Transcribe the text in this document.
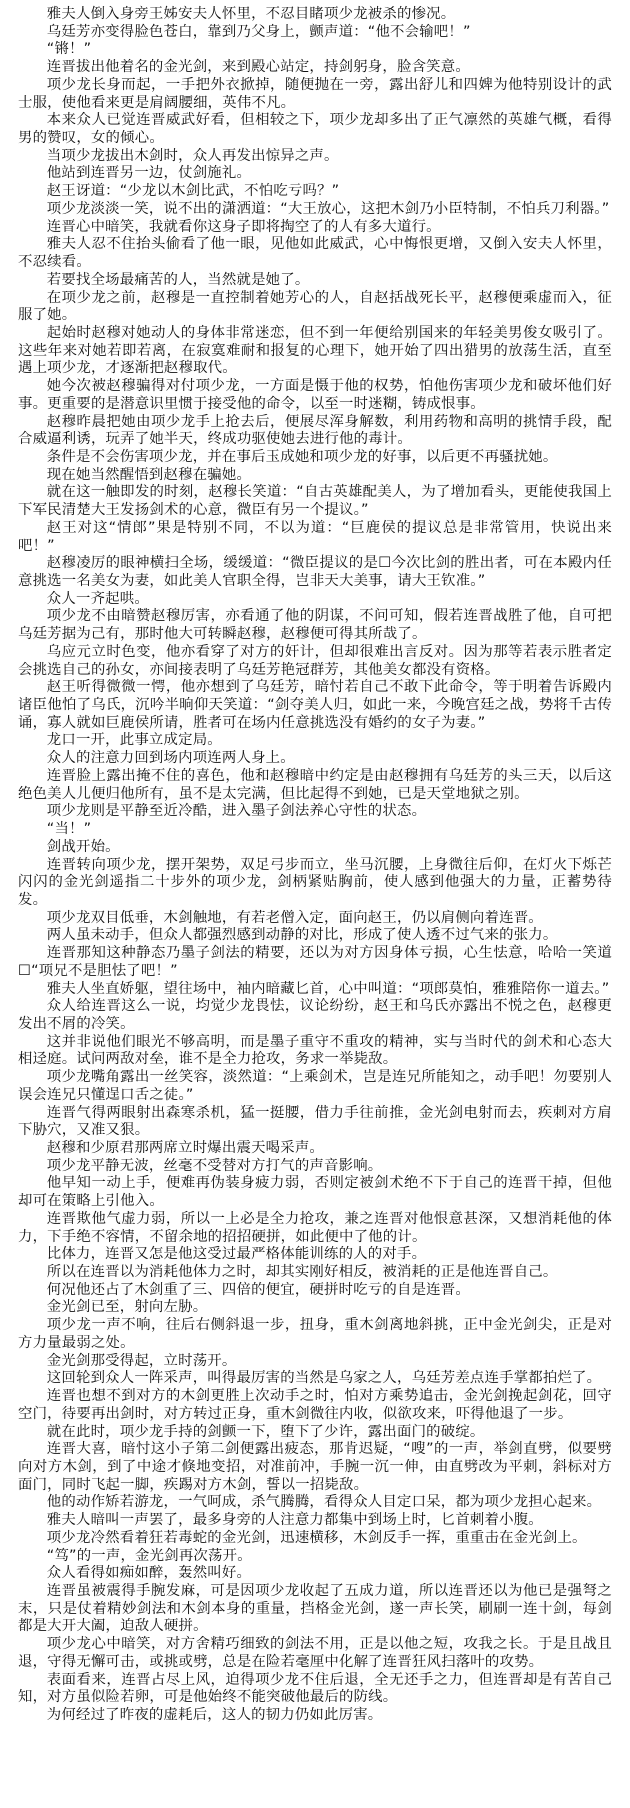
雅夫人倒入身旁王姊安夫人怀里，不忍目睹项少龙被杀的惨况。

乌廷芳亦变得脸色苍白，靠到乃父身上，颤声道：“他不会输吧！”

“锵！”

连晋拔出他着名的金光剑，来到殿心站定，持剑躬身，脸含笑意。

项少龙长身而起，一手把外衣掀掉，随便抛在一旁，露出舒儿和四婢为他特别设计的武士服，使他看来更是肩阔腰细，英伟不凡。

本来众人已觉连晋威武好看，但相较之下，项少龙却多出了正气凛然的英雄气概，看得男的赞叹，女的倾心。

当项少龙拔出木剑时，众人再发出惊异之声。

他站到连晋另一边，仗剑施礼。

赵王讶道：“少龙以木剑比武，不怕吃亏吗？”

项少龙淡淡一笑，说不出的潇洒道：“大王放心，这把木剑乃小臣特制，不怕兵刀利器。”

连晋心中暗笑，我就看你这身子即将掏空了的人有多大道行。

雅夫人忍不住抬头偷看了他一眼，见他如此威武，心中悔恨更增，又倒入安夫人怀里，不忍续看。

若要找全场最痛苦的人，当然就是她了。

在项少龙之前，赵穆是一直控制着她芳心的人，自赵括战死长平，赵穆便乘虚而入，征服了她。

起始时赵穆对她动人的身体非常迷恋，但不到一年便给别国来的年轻美男俊女吸引了。这些年来对她若即若离，在寂寞难耐和报复的心理下，她开始了四出猎男的放荡生活，直至遇上项少龙，才逐渐把赵穆取代。

她今次被赵穆骗得对付项少龙，一方面是慑于他的权势，怕他伤害项少龙和破坏他们好事。更重要的是潜意识里惯于接受他的命令，以至一时迷糊，铸成恨事。

赵穆昨晨把她由项少龙手上抢去后，便展尽浑身解数，利用药物和高明的挑情手段，配合威逼利诱，玩弄了她半天，终成功驱使她去进行他的毒计。

条件是不会伤害项少龙，并在事后玉成她和项少龙的好事，以后更不再骚扰她。

现在她当然醒悟到赵穆在骗她。

就在这一触即发的时刻，赵穆长笑道：“自古英雄配美人，为了增加看头，更能使我国上下军民清楚大王发扬剑术的心意，微臣有另一个提议。”

赵王对这“情郎”果是特别不同，不以为道：“巨鹿侯的提议总是非常管用，快说出来吧！”

赵穆凌厉的眼神横扫全场，缓缓道：“微臣提议的是☐今次比剑的胜出者，可在本殿内任意挑选一名美女为妻，如此美人官职全得，岂非天大美事，请大王钦准。”

众人一齐起哄。

项少龙不由暗赞赵穆厉害，亦看通了他的阴谋，不问可知，假若连晋战胜了他，自可把乌廷芳据为己有，那时他大可转瞬赵穆，赵穆便可得其所哉了。

乌应元立时色变，他亦看穿了对方的奸计，但却很难出言反对。因为那等若表示胜者定会挑选自己的孙女，亦间接表明了乌廷芳艳冠群芳，其他美女都没有资格。

赵王听得微微一愕，他亦想到了乌廷芳，暗忖若自己不敢下此命令，等于明着告诉殿内诸臣他怕了乌氏，沉吟半晌仰天笑道：“剑夺美人归，如此一来，今晚宫廷之战，势将千古传诵，寡人就如巨鹿侯所请，胜者可在场内任意挑选没有婚约的女子为妻。”

龙口一开，此事立成定局。

众人的注意力回到场内项连两人身上。

连晋脸上露出掩不住的喜色，他和赵穆暗中约定是由赵穆拥有乌廷芳的头三天，以后这绝色美人儿便归他所有，虽不是太完满，但比起得不到她，已是天堂地狱之别。

项少龙则是平静至近冷酷，进入墨子剑法养心守性的状态。

“当！”

剑战开始。

连晋转向项少龙，摆开架势，双足弓步而立，坐马沉腰，上身微往后仰，在灯火下烁芒闪闪的金光剑遥指二十步外的项少龙，剑柄紧贴胸前，使人感到他强大的力量，正蓄势待发。

项少龙双目低垂，木剑触地，有若老僧入定，面向赵王，仍以肩侧向着连晋。

两人虽未动手，但众人都强烈感到动静的对比，形成了使人透不过气来的张力。

连晋那知这种静态乃墨子剑法的精要，还以为对方因身体亏损，心生怯意，哈哈一笑道☐“项兄不是胆怯了吧！”

雅夫人坐直娇躯，望往场中，袖内暗藏匕首，心中叫道：“项郎莫怕，雅雅陪你一道去。”

众人给连晋这么一说，均觉少龙畏怯，议论纷纷，赵王和乌氏亦露出不悦之色，赵穆更发出不屑的冷笑。

这并非说他们眼光不够高明，而是墨子重守不重攻的精神，实与当时代的剑术和心态大相迳庭。试问两敌对垒，谁不是全力抢攻，务求一举毙敌。

项少龙嘴角露出一丝笑容，淡然道：“上乘剑术，岂是连兄所能知之，动手吧！勿要别人误会连兄只懂逞口舌之徒。”

连晋气得两眼射出森寒杀机，猛一挺腰，借力手往前推，金光剑电射而去，疾刺对方肩下胁穴，又准又狠。

赵穆和少原君那两席立时爆出震天喝采声。

项少龙平静无波，丝毫不受替对方打气的声音影响。

他早知一动上手，便难再伪装身疲力弱，否则定被剑术绝不下于自己的连晋干掉，但他却可在策略上引他入。

连晋欺他气虚力弱，所以一上必是全力抢攻，兼之连晋对他恨意甚深，又想消耗他的体力，下手绝不容情，不留余地的招招硬拼，如此便中了他的计。

比体力，连晋又怎是他这受过最严格体能训练的人的对手。

所以在连晋以为消耗他体力之时，却其实刚好相反，被消耗的正是他连晋自己。

何况他还占了木剑重了三、四倍的便宜，硬拼时吃亏的自是连晋。

金光剑已至，射向左胁。

项少龙一声不响，往后右侧斜退一步，扭身，重木剑离地斜挑，正中金光剑尖，正是对方力量最弱之处。

金光剑那受得起，立时荡开。

这回轮到众人一阵采声，叫得最厉害的当然是乌家之人，乌廷芳差点连手掌都拍烂了。

连晋也想不到对方的木剑更胜上次动手之时，怕对方乘势追击，金光剑挽起剑花，回守空门，待要再出剑时，对方转过正身，重木剑微往内收，似欲攻来，吓得他退了一步。

就在此时，项少龙手持的剑颤一下，堕下了少许，露出面门的破绽。

连晋大喜，暗忖这小子第二剑便露出疲态，那肯迟疑，“嗖”的一声，举剑直劈，似要劈向对方木剑，到了中途才倏地变招，对准前冲，手腕一沉一伸，由直劈改为平刺，斜标对方面门，同时飞起一脚，疾踢对方木剑，誓以一招毙敌。

他的动作矫若游龙，一气呵成，杀气腾腾，看得众人目定口呆，都为项少龙担心起来。

雅夫人暗叫一声罢了，最多身旁的人注意力都集中到场上时，匕首刺着小腹。

项少龙冷然看着狂若毒蛇的金光剑，迅速横移，木剑反手一挥，重重击在金光剑上。

“笃”的一声，金光剑再次荡开。

众人看得如痴如醉，轰然叫好。

连晋虽被震得手腕发麻，可是因项少龙收起了五成力道，所以连晋还以为他已是强弩之末，只是仗着精妙剑法和木剑本身的重量，挡格金光剑，遂一声长笑，刷刷一连十剑，每剑都是大开大阖，迫敌人硬拼。

项少龙心中暗笑，对方舍精巧细致的剑法不用，正是以他之短，攻我之长。于是且战且退，守得无懈可击，或挑或劈，总是在险若毫厘中化解了连晋狂风扫落叶的攻势。

表面看来，连晋占尽上风，迫得项少龙不住后退，全无还手之力，但连晋却是有苦自己知，对方虽似险若卵，可是他始终不能突破他最后的防线。

为何经过了昨夜的虚耗后，这人的韧力仍如此厉害。
